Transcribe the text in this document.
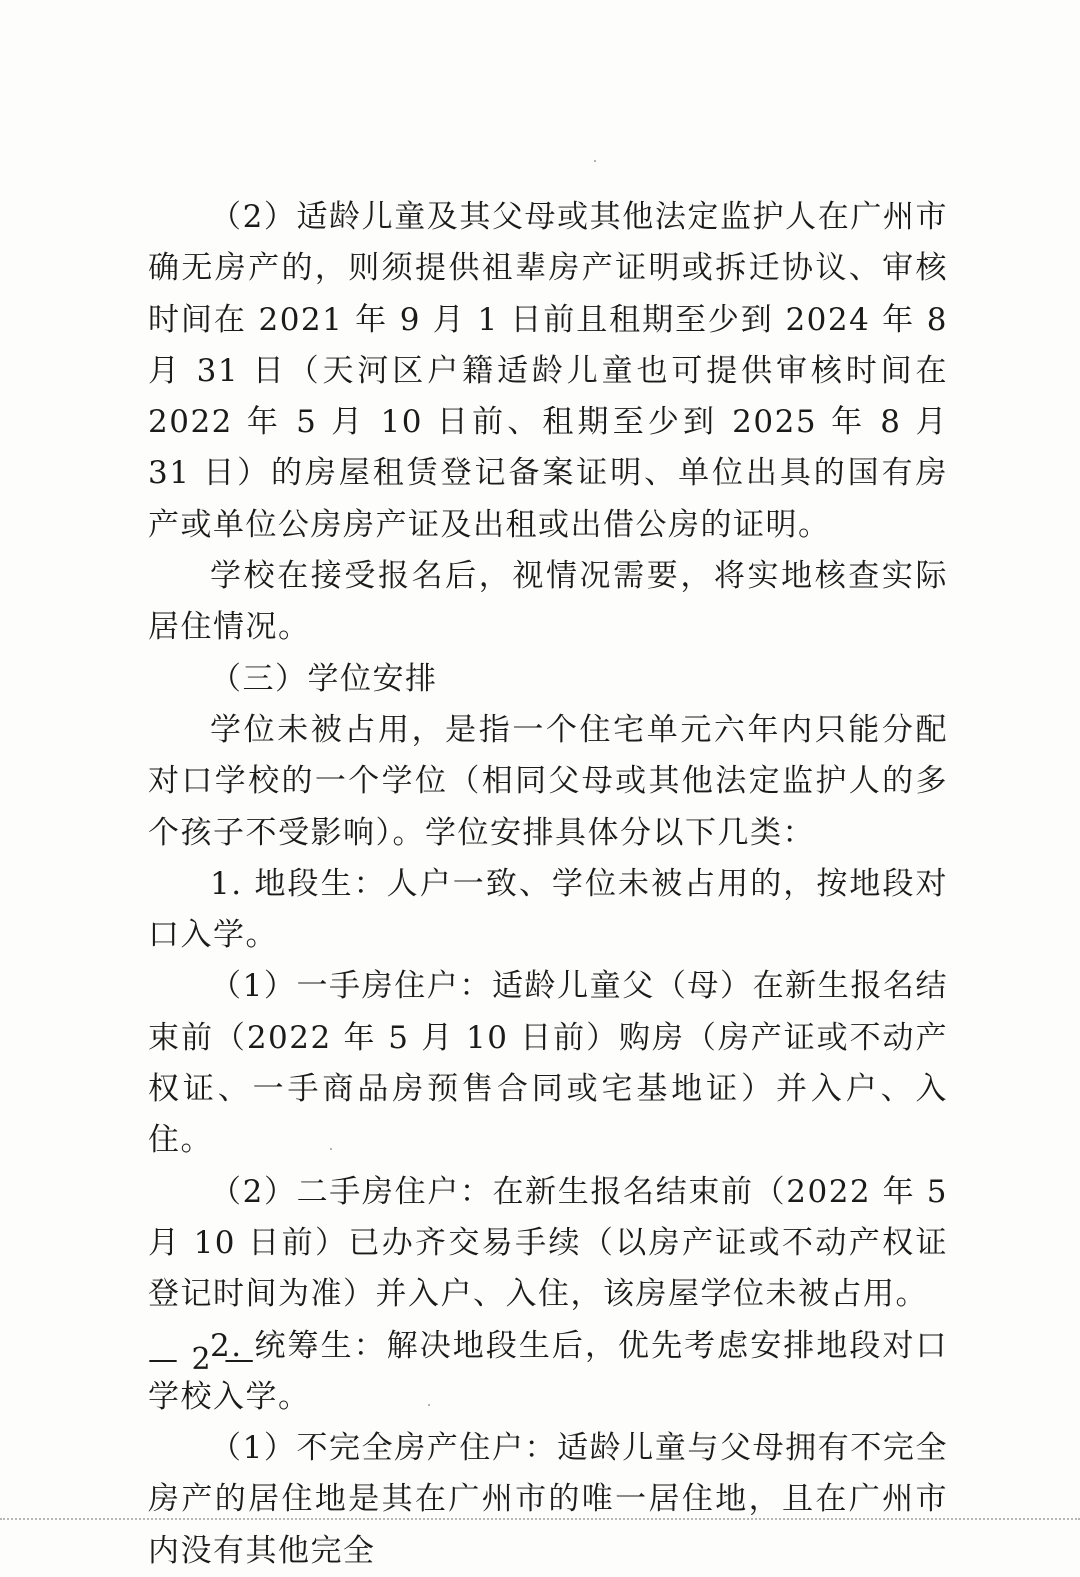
（2）适龄儿童及其父母或其他法定监护人在广州市确无房产的，则须提供祖辈房产证明或拆迁协议、审核时间在 2021 年 9 月 1 日前且租期至少到 2024 年 8 月 31 日（天河区户籍适龄儿童也可提供审核时间在 2022 年 5 月 10 日前、租期至少到 2025 年 8 月 31 日）的房屋租赁登记备案证明、单位出具的国有房产或单位公房房产证及出租或出借公房的证明。

学校在接受报名后，视情况需要，将实地核查实际居住情况。

（三）学位安排

学位未被占用，是指一个住宅单元六年内只能分配对口学校的一个学位（相同父母或其他法定监护人的多个孩子不受影响）。学位安排具体分以下几类：

1. 地段生：人户一致、学位未被占用的，按地段对口入学。

（1）一手房住户：适龄儿童父（母）在新生报名结束前（2022 年 5 月 10 日前）购房（房产证或不动产权证、一手商品房预售合同或宅基地证）并入户、入住。

（2）二手房住户：在新生报名结束前（2022 年 5 月 10 日前）已办齐交易手续（以房产证或不动产权证登记时间为准）并入户、入住，该房屋学位未被占用。

2. 统筹生：解决地段生后，优先考虑安排地段对口学校入学。

（1）不完全房产住户：适龄儿童与父母拥有不完全房产的居住地是其在广州市的唯一居住地，且在广州市内没有其他完全

— 2 —
